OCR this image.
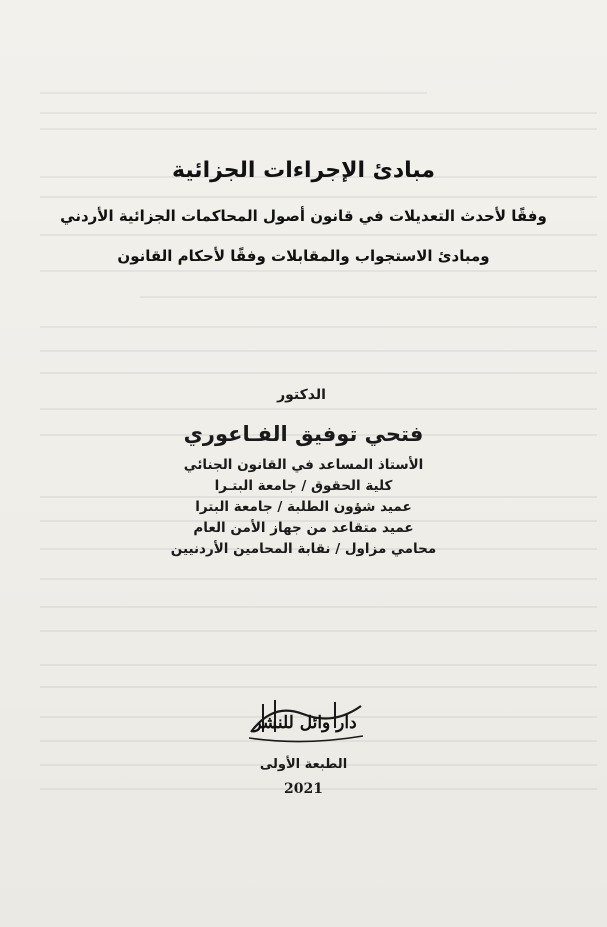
مبادئ الإجراءات الجزائية
وفقًا لأحدث التعديلات في قانون أصول المحاكمات الجزائية الأردني
ومبادئ الاستجواب والمقابلات وفقًا لأحكام القانون
الدكتور
فتحي توفيق الفـاعوري
الأستاذ المساعد في القانون الجنائي
كلية الحقوق / جامعة البتـرا
عميد شؤون الطلبة / جامعة البترا
عميد متقاعد من جهاز الأمن العام
محامي مزاول / نقابة المحامين الأردنيين
دار وائل للنشر
الطبعة الأولى
2021
